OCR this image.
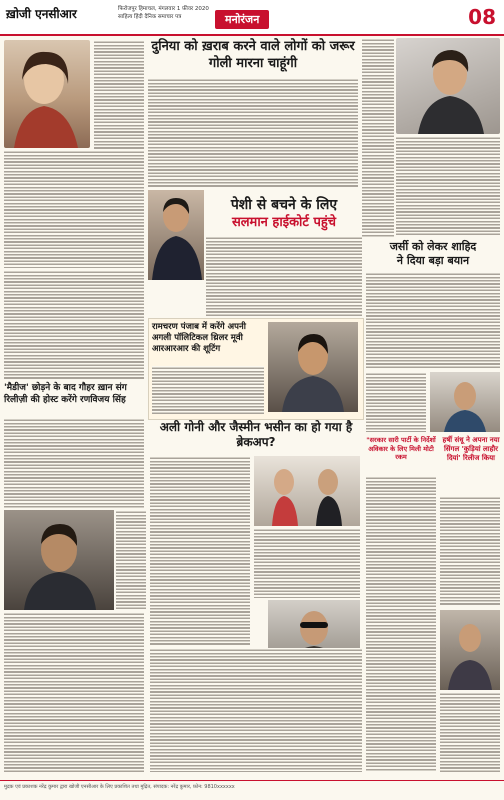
ख़ोजी एनसीआर	फिरोजपुर हिमाचल, मंगलवार 1 फ़ीवर 2020
साहित्य हिंदी दैनिक समाचार पत्र	मनोरंजन	08
दुनिया को ख़राब करने वाले लोगों को जरूर गोली मारना चाहूंगी
पेशी से बचने के लिए
सलमान हाईकोर्ट पहुंचे
जर्सी को लेकर शाहिद
ने दिया बड़ा बयान
'मैडीज' छोड़ने के बाद गौहर ख़ान संग रिलीज़ी की होस्ट करेंगे रणविजय सिंह
रामचरण पंजाब में करेंगे अपनी अगली पॉलिटिकल थ्रिलर मूवी आरआरआर की शूटिंग
अली गोनी और जैस्मीन भसीन का हो गया है ब्रेकअप?	"सरकार सारी पार्टी के निर्देशों अविकार के लिए मिली मोटी रकम
हर्षी संधू ने अपना नया सिंगल 'कुड़ियां लाहौर दियां' रिलीज किया
मुद्रक एवं प्रकाशक नरेंद्र कुमार द्वारा खोजी एनसीआर के लिए प्रकाशित तथा मुद्रित, संपादक: नरेंद्र कुमार, फ़ोन: 9810xxxxxx
